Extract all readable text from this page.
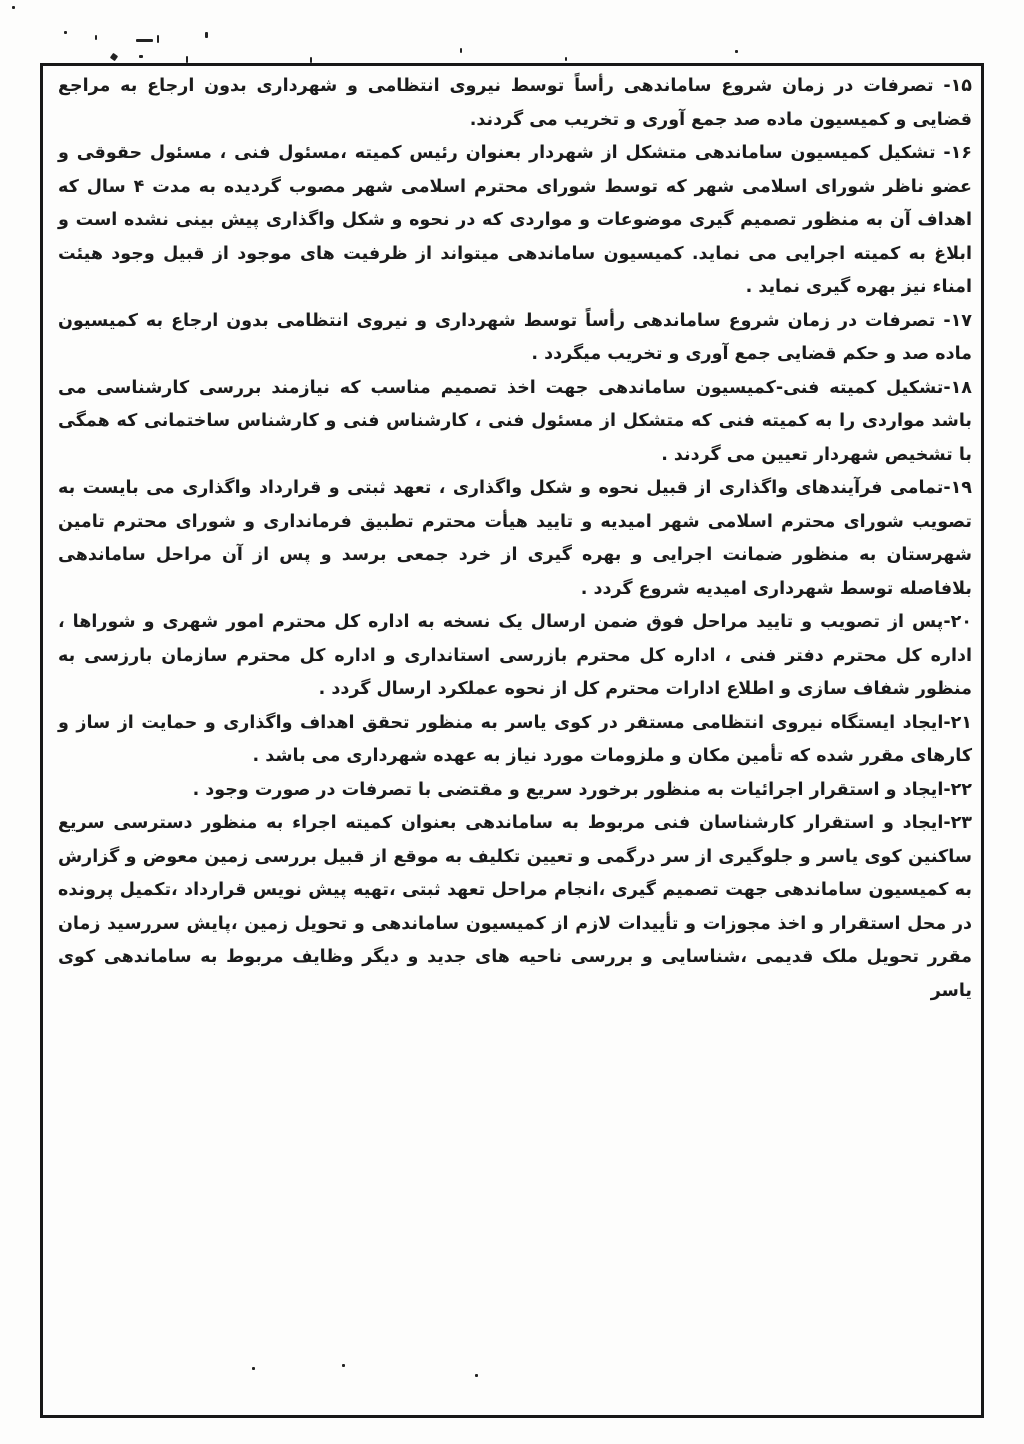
۱۵- تصرفات در زمان شروع ساماندهی رأساً توسط نیروی انتظامی و شهرداری بدون ارجاع به مراجع قضایی و کمیسیون ماده صد جمع آوری و تخریب می گردند.

۱۶- تشکیل کمیسیون ساماندهی متشکل از شهردار بعنوان رئیس کمیته ،مسئول فنی ، مسئول حقوقی و عضو ناظر شورای اسلامی شهر که توسط شورای محترم اسلامی شهر مصوب گردیده به مدت ۴ سال که اهداف آن به منظور تصمیم گیری موضوعات و مواردی که در نحوه و شکل واگذاری پیش بینی نشده است و ابلاغ به کمیته اجرایی می نماید. کمیسیون ساماندهی میتواند از ظرفیت های موجود از قبیل وجود هیئت امناء نیز بهره گیری نماید .

۱۷- تصرفات در زمان شروع ساماندهی رأساً توسط شهرداری و نیروی انتظامی بدون ارجاع به کمیسیون ماده صد و حکم قضایی جمع آوری و تخریب میگردد .

۱۸-تشکیل کمیته فنی-کمیسیون ساماندهی جهت اخذ تصمیم مناسب که نیازمند بررسی کارشناسی می باشد مواردی را به کمیته فنی که متشکل از مسئول فنی ، کارشناس فنی و کارشناس ساختمانی که همگی با تشخیص شهردار تعیین می گردند .

۱۹-تمامی فرآیندهای واگذاری از قبیل نحوه و شکل واگذاری ، تعهد ثبتی و قرارداد واگذاری می بایست به تصویب شورای محترم اسلامی شهر امیدیه و تایید هیأت محترم تطبیق فرمانداری و شورای محترم تامین شهرستان به منظور ضمانت اجرایی و بهره گیری از خرد جمعی برسد و پس از آن مراحل ساماندهی بلافاصله توسط شهرداری امیدیه شروع گردد .

۲۰-پس از تصویب و تایید مراحل فوق ضمن ارسال یک نسخه به اداره کل محترم امور شهری و شوراها ، اداره کل محترم دفتر فنی ، اداره کل محترم بازرسی استانداری و اداره کل محترم سازمان بارزسی به منظور شفاف سازی و اطلاع ادارات محترم کل از نحوه عملکرد ارسال گردد .

۲۱-ایجاد ایستگاه نیروی انتظامی مستقر در کوی یاسر به منظور تحقق اهداف واگذاری و حمایت از ساز و کارهای مقرر شده که تأمین مکان و ملزومات مورد نیاز به عهده شهرداری می باشد .

۲۲-ایجاد و استقرار اجرائیات به منظور برخورد سریع و مقتضی با تصرفات در صورت وجود .

۲۳-ایجاد و استقرار کارشناسان فنی مربوط به ساماندهی بعنوان کمیته اجراء به منظور دسترسی سریع ساکنین کوی یاسر و جلوگیری از سر درگمی و تعیین تکلیف به موقع از قبیل بررسی زمین معوض و گزارش به کمیسیون ساماندهی جهت تصمیم گیری ،انجام مراحل تعهد ثبتی ،تهیه پیش نویس قرارداد ،تکمیل پرونده در محل استقرار و اخذ مجوزات و تأییدات لازم از کمیسیون ساماندهی و تحویل زمین ،پایش سررسید زمان مقرر تحویل ملک قدیمی ،شناسایی و بررسی ناحیه های جدید و دیگر وظایف مربوط به ساماندهی کوی یاسر
